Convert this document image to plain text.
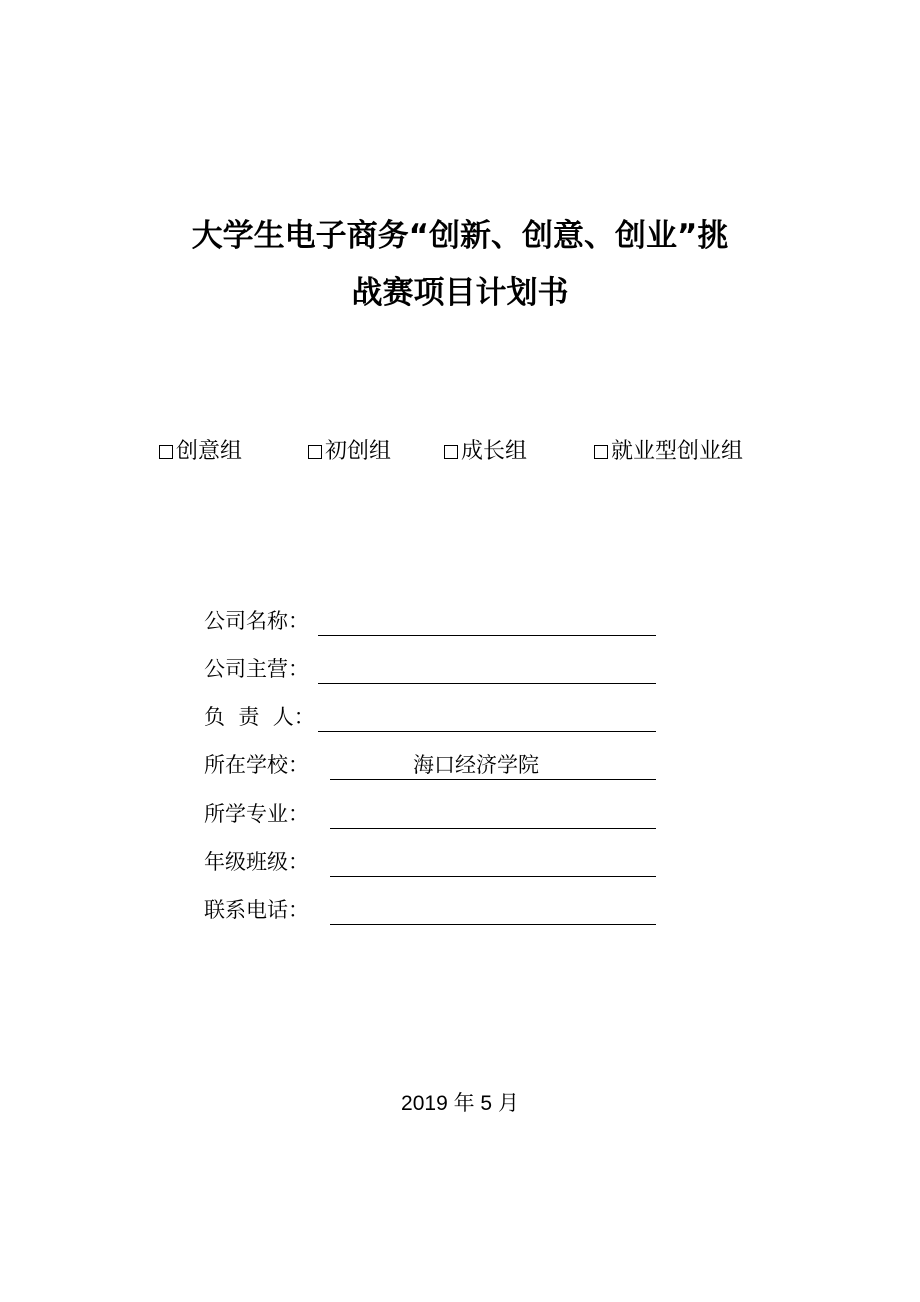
大学生电子商务“创新、创意、创业”挑
战赛项目计划书
创意组	初创组	成长组	就业型创业组
公司名称：
公司主营：
负  责  人：
所在学校：	海口经济学院
所学专业：
年级班级：
联系电话：
2019 年 5 月
